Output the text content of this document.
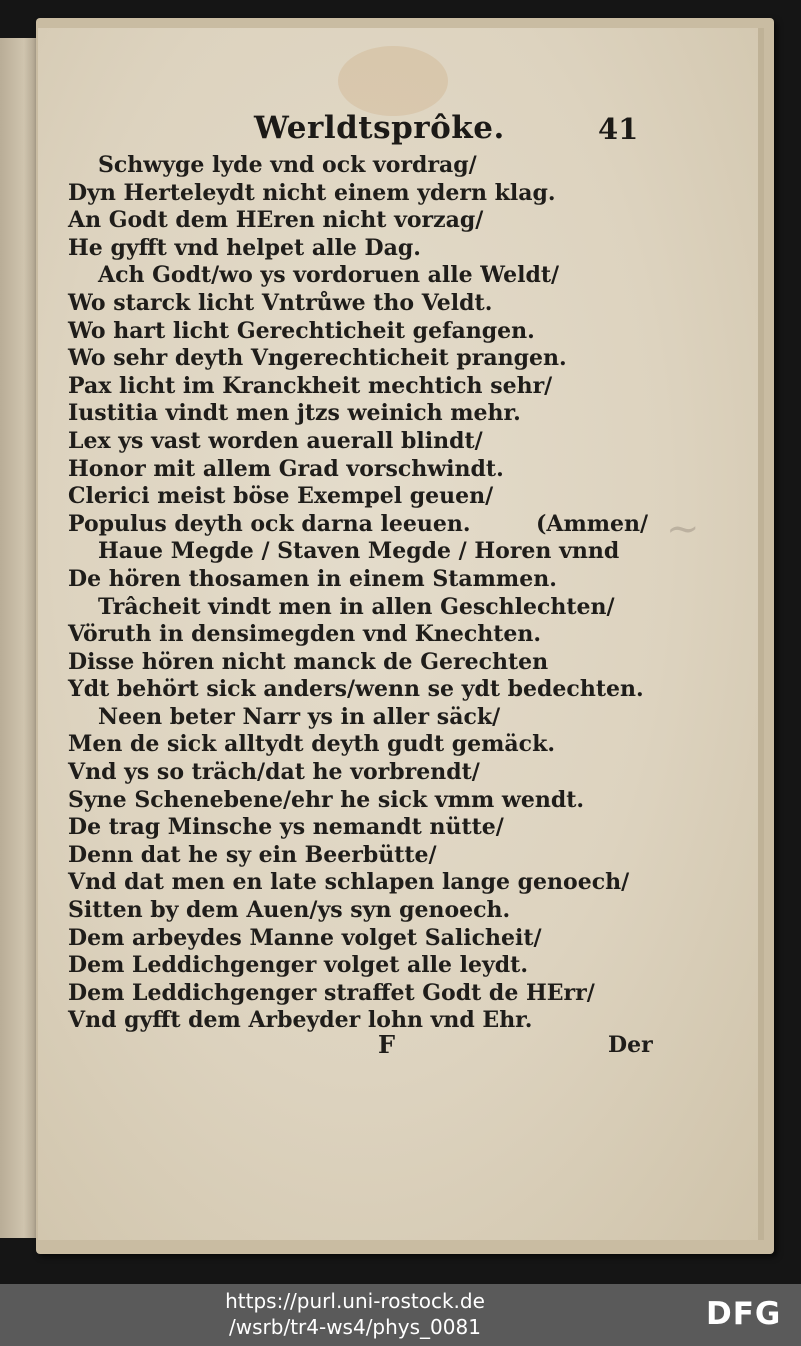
Werldtsprôke.	41
Schwyge lyde vnd ock vordrag/
Dyn Herteleydt nicht einem ydern klag.
An Godt dem HEren nicht vorzag/
He gyfft vnd helpet alle Dag.
Ach Godt/wo ys vordoruen alle Weldt/
Wo starck licht Vntrůwe tho Veldt.
Wo hart licht Gerechticheit gefangen.
Wo sehr deyth Vngerechticheit prangen.
Pax licht im Kranckheit mechtich sehr/
Iustitia vindt men jtzs weinich mehr.
Lex ys vast worden auerall blindt/
Honor mit allem Grad vorschwindt.
Clerici meist böse Exempel geuen/
Populus deyth ock darna leeuen.	(Ammen/
Haue Megde / Staven Megde / Horen vnnd
De hören thosamen in einem Stammen.
Trâcheit vindt men in allen Geschlechten/
Vöruth in densimegden vnd Knechten.
Disse hören nicht manck de Gerechten
Ydt behört sick anders/wenn se ydt bedechten.
Neen beter Narr ys in aller säck/
Men de sick alltydt deyth gudt gemäck.
Vnd ys so träch/dat he vorbrendt/
Syne Schenebene/ehr he sick vmm wendt.
De trag Minsche ys nemandt nütte/
Denn dat he sy ein Beerbütte/
Vnd dat men en late schlapen lange genoech/
Sitten by dem Auen/ys syn genoech.
Dem arbeydes Manne volget Salicheit/
Dem Leddichgenger volget alle leydt.
Dem Leddichgenger straffet Godt de HErr/
Vnd gyfft dem Arbeyder lohn vnd Ehr.
~
F	Der
https://purl.uni-rostock.de
/wsrb/tr4-ws4/phys_0081	DFG
